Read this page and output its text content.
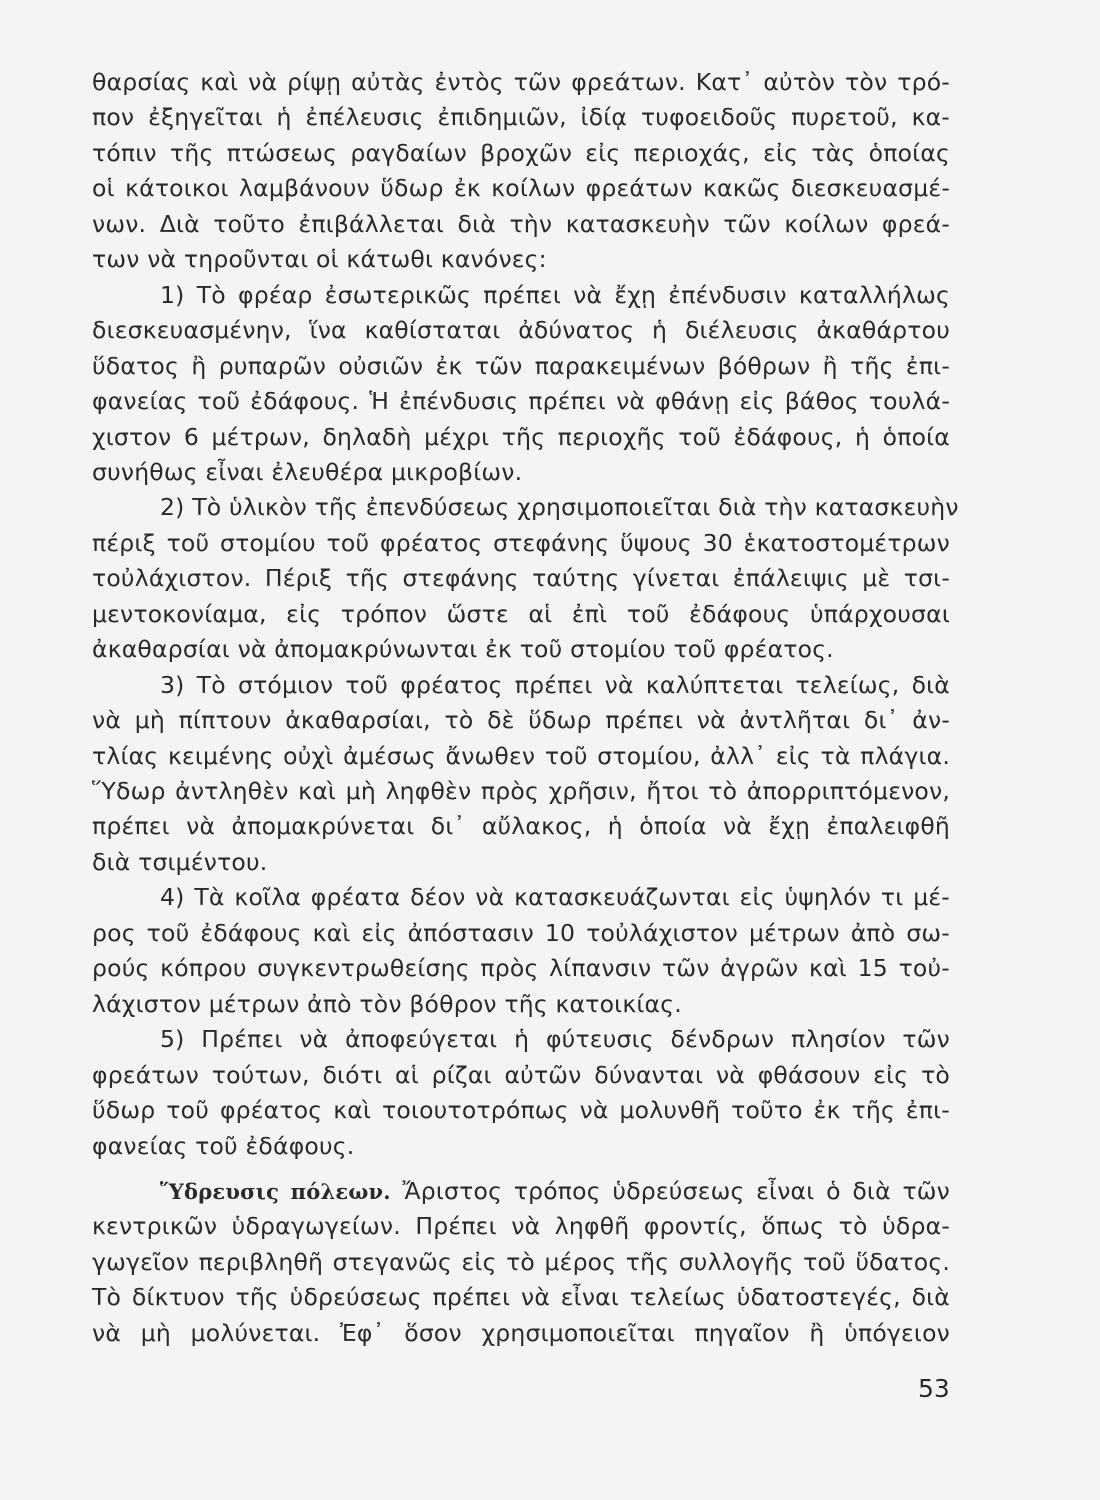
θαρσίας καὶ νὰ ρίψῃ αὐτὰς ἐντὸς τῶν φρεάτων. Κατ᾽ αὐτὸν τὸν τρό-
πον ἐξηγεῖται ἡ ἐπέλευσις ἐπιδημιῶν, ἰδίᾳ τυφοειδοῦς πυρετοῦ, κα-
τόπιν τῆς πτώσεως ραγδαίων βροχῶν εἰς περιοχάς, εἰς τὰς ὁποίας
οἱ κάτοικοι λαμβάνουν ὕδωρ ἐκ κοίλων φρεάτων κακῶς διεσκευασμέ-
νων. Διὰ τοῦτο ἐπιβάλλεται διὰ τὴν κατασκευὴν τῶν κοίλων φρεά-
των νὰ τηροῦνται οἱ κάτωθι κανόνες:
1) Τὸ φρέαρ ἐσωτερικῶς πρέπει νὰ ἔχῃ ἐπένδυσιν καταλλήλως
διεσκευασμένην, ἵνα καθίσταται ἀδύνατος ἡ διέλευσις ἀκαθάρτου
ὕδατος ἢ ρυπαρῶν οὐσιῶν ἐκ τῶν παρακειμένων βόθρων ἢ τῆς ἐπι-
φανείας τοῦ ἐδάφους. Ἡ ἐπένδυσις πρέπει νὰ φθάνῃ εἰς βάθος τουλά-
χιστον 6 μέτρων, δηλαδὴ μέχρι τῆς περιοχῆς τοῦ ἐδάφους, ἡ ὁποία
συνήθως εἶναι ἐλευθέρα μικροβίων.
2) Τὸ ὑλικὸν τῆς ἐπενδύσεως χρησιμοποιεῖται διὰ τὴν κατασκευὴν
πέριξ τοῦ στομίου τοῦ φρέατος στεφάνης ὕψους 30 ἑκατοστομέτρων
τοὐλάχιστον. Πέριξ τῆς στεφάνης ταύτης γίνεται ἐπάλειψις μὲ τσι-
μεντοκονίαμα, εἰς τρόπον ὥστε αἱ ἐπὶ τοῦ ἐδάφους ὑπάρχουσαι
ἀκαθαρσίαι νὰ ἀπομακρύνωνται ἐκ τοῦ στομίου τοῦ φρέατος.
3) Τὸ στόμιον τοῦ φρέατος πρέπει νὰ καλύπτεται τελείως, διὰ
νὰ μὴ πίπτουν ἀκαθαρσίαι, τὸ δὲ ὕδωρ πρέπει νὰ ἀντλῆται δι᾽ ἀν-
τλίας κειμένης οὐχὶ ἀμέσως ἄνωθεν τοῦ στομίου, ἀλλ᾽ εἰς τὰ πλάγια.
Ὕδωρ ἀντληθὲν καὶ μὴ ληφθὲν πρὸς χρῆσιν, ἤτοι τὸ ἀπορριπτόμενον,
πρέπει νὰ ἀπομακρύνεται δι᾽ αὔλακος, ἡ ὁποία νὰ ἔχῃ ἐπαλειφθῆ
διὰ τσιμέντου.
4) Τὰ κοῖλα φρέατα δέον νὰ κατασκευάζωνται εἰς ὑψηλόν τι μέ-
ρος τοῦ ἐδάφους καὶ εἰς ἀπόστασιν 10 τοὐλάχιστον μέτρων ἀπὸ σω-
ρούς κόπρου συγκεντρωθείσης πρὸς λίπανσιν τῶν ἀγρῶν καὶ 15 τοὐ-
λάχιστον μέτρων ἀπὸ τὸν βόθρον τῆς κατοικίας.
5) Πρέπει νὰ ἀποφεύγεται ἡ φύτευσις δένδρων πλησίον τῶν
φρεάτων τούτων, διότι αἱ ρίζαι αὐτῶν δύνανται νὰ φθάσουν εἰς τὸ
ὕδωρ τοῦ φρέατος καὶ τοιουτοτρόπως νὰ μολυνθῆ τοῦτο ἐκ τῆς ἐπι-
φανείας τοῦ ἐδάφους.
Ὕδρευσις πόλεων. Ἄριστος τρόπος ὑδρεύσεως εἶναι ὁ διὰ τῶν
κεντρικῶν ὑδραγωγείων. Πρέπει νὰ ληφθῆ φροντίς, ὅπως τὸ ὑδρα-
γωγεῖον περιβληθῆ στεγανῶς εἰς τὸ μέρος τῆς συλλογῆς τοῦ ὕδατος.
Τὸ δίκτυον τῆς ὑδρεύσεως πρέπει νὰ εἶναι τελείως ὑδατοστεγές, διὰ
νὰ μὴ μολύνεται. Ἐφ᾽ ὅσον χρησιμοποιεῖται πηγαῖον ἢ ὑπόγειον
53
